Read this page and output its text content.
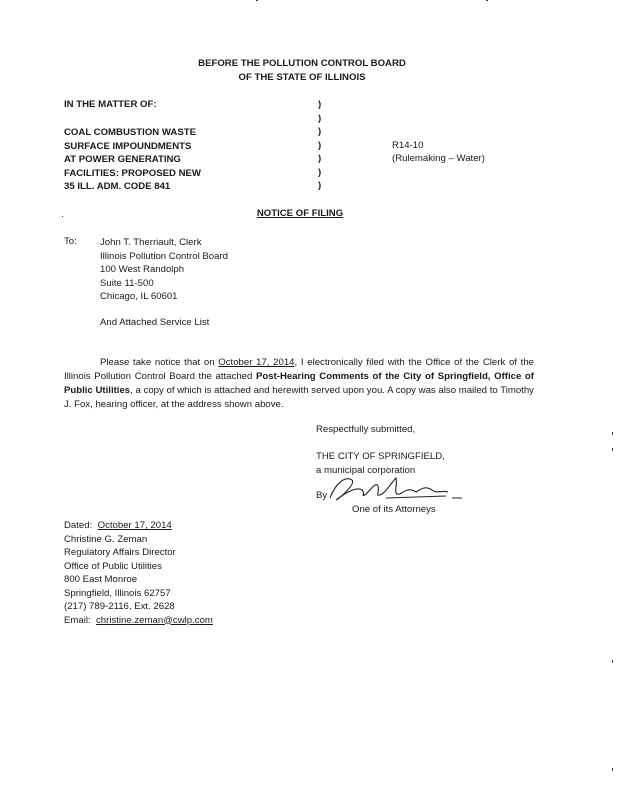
BEFORE THE POLLUTION CONTROL BOARD
OF THE STATE OF ILLINOIS
IN THE MATTER OF:
COAL COMBUSTION WASTE
SURFACE IMPOUNDMENTS
AT POWER GENERATING
FACILITIES: PROPOSED NEW
35 ILL. ADM. CODE 841
)
)
)
)
)
)
)
R14-10
(Rulemaking – Water)
NOTICE OF FILING
To: John T. Therriault, Clerk
Illinois Pollution Control Board
100 West Randolph
Suite 11-500
Chicago, IL 60601
And Attached Service List
Please take notice that on October 17, 2014, I electronically filed with the Office of the Clerk of the Illinois Pollution Control Board the attached Post-Hearing Comments of the City of Springfield, Office of Public Utilities, a copy of which is attached and herewith served upon you. A copy was also mailed to Timothy J. Fox, hearing officer, at the address shown above.
Respectfully submitted,
THE CITY OF SPRINGFIELD,
a municipal corporation
By
One of its Attorneys
Dated: October 17, 2014
Christine G. Zeman
Regulatory Affairs Director
Office of Public Utilities
800 East Monroe
Springfield, Illinois 62757
(217) 789-2116, Ext. 2628
Email: christine.zeman@cwlp.com
